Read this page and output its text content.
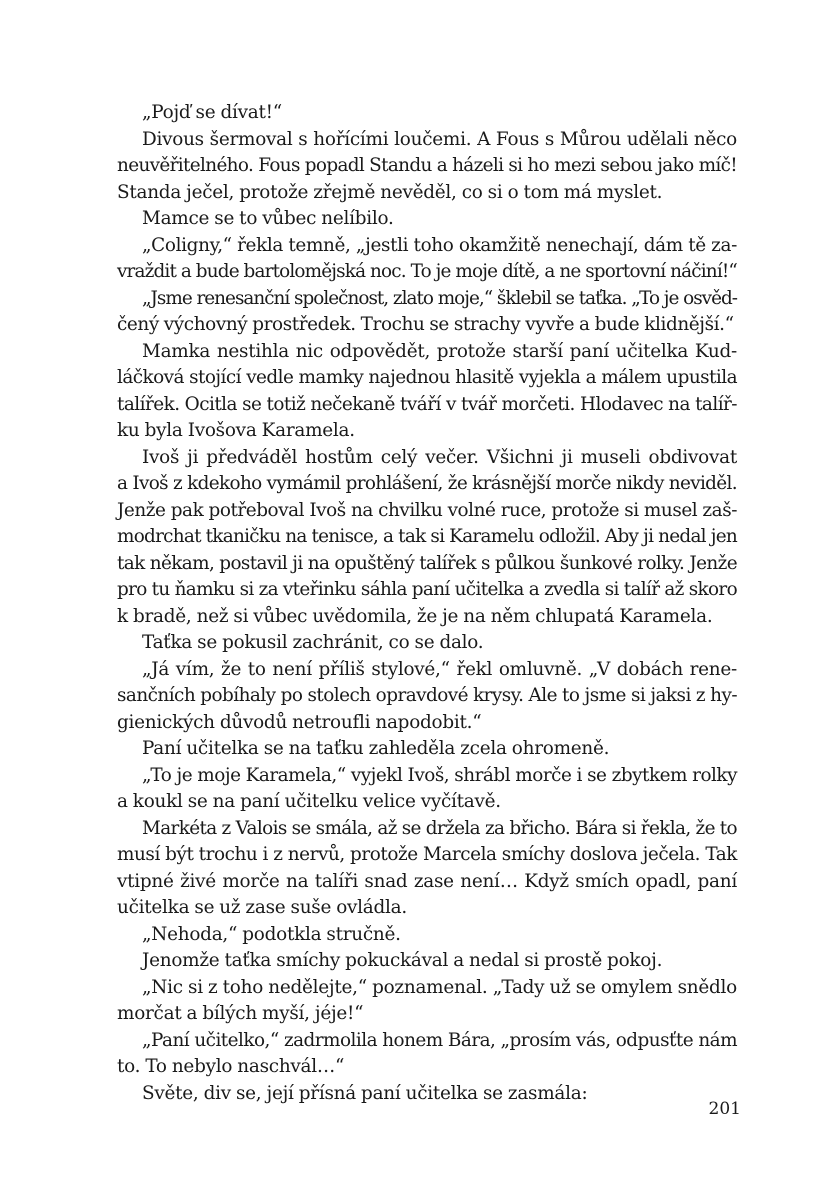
„Pojď se dívat!“
Divous šermoval s hořícími loučemi. A Fous s Můrou udělali něco
neuvěřitelného. Fous popadl Standu a házeli si ho mezi sebou jako míč!
Standa ječel, protože zřejmě nevěděl, co si o tom má myslet.
Mamce se to vůbec nelíbilo.
„Coligny,“ řekla temně, „jestli toho okamžitě nenechají, dám tě za-
vraždit a bude bartolomějská noc. To je moje dítě, a ne sportovní náčiní!“
„Jsme renesanční společnost, zlato moje,“ šklebil se taťka. „To je osvěd-
čený výchovný prostředek. Trochu se strachy vyvře a bude klidnější.“
Mamka nestihla nic odpovědět, protože starší paní učitelka Kud-
láčková stojící vedle mamky najednou hlasitě vyjekla a málem upustila
talířek. Ocitla se totiž nečekaně tváří v tvář morčeti. Hlodavec na talíř-
ku byla Ivošova Karamela.
Ivoš ji předváděl hostům celý večer. Všichni ji museli obdivovat
a Ivoš z kdekoho vymámil prohlášení, že krásnější morče nikdy neviděl.
Jenže pak potřeboval Ivoš na chvilku volné ruce, protože si musel zaš-
modrchat tkaničku na tenisce, a tak si Karamelu odložil. Aby ji nedal jen
tak někam, postavil ji na opuštěný talířek s půlkou šunkové rolky. Jenže
pro tu ňamku si za vteřinku sáhla paní učitelka a zvedla si talíř až skoro
k bradě, než si vůbec uvědomila, že je na něm chlupatá Karamela.
Taťka se pokusil zachránit, co se dalo.
„Já vím, že to není příliš stylové,“ řekl omluvně. „V dobách rene-
sančních pobíhaly po stolech opravdové krysy. Ale to jsme si jaksi z hy-
gienických důvodů netroufli napodobit.“
Paní učitelka se na taťku zahleděla zcela ohromeně.
„To je moje Karamela,“ vyjekl Ivoš, shrábl morče i se zbytkem rolky
a koukl se na paní učitelku velice vyčítavě.
Markéta z Valois se smála, až se držela za břicho. Bára si řekla, že to
musí být trochu i z nervů, protože Marcela smíchy doslova ječela. Tak
vtipné živé morče na talíři snad zase není… Když smích opadl, paní
učitelka se už zase suše ovládla.
„Nehoda,“ podotkla stručně.
Jenomže taťka smíchy pokuckával a nedal si prostě pokoj.
„Nic si z toho nedělejte,“ poznamenal. „Tady už se omylem snědlo
morčat a bílých myší, jéje!“
„Paní učitelko,“ zadrmolila honem Bára, „prosím vás, odpusťte nám
to. To nebylo naschvál…“
Světe, div se, její přísná paní učitelka se zasmála:
201
